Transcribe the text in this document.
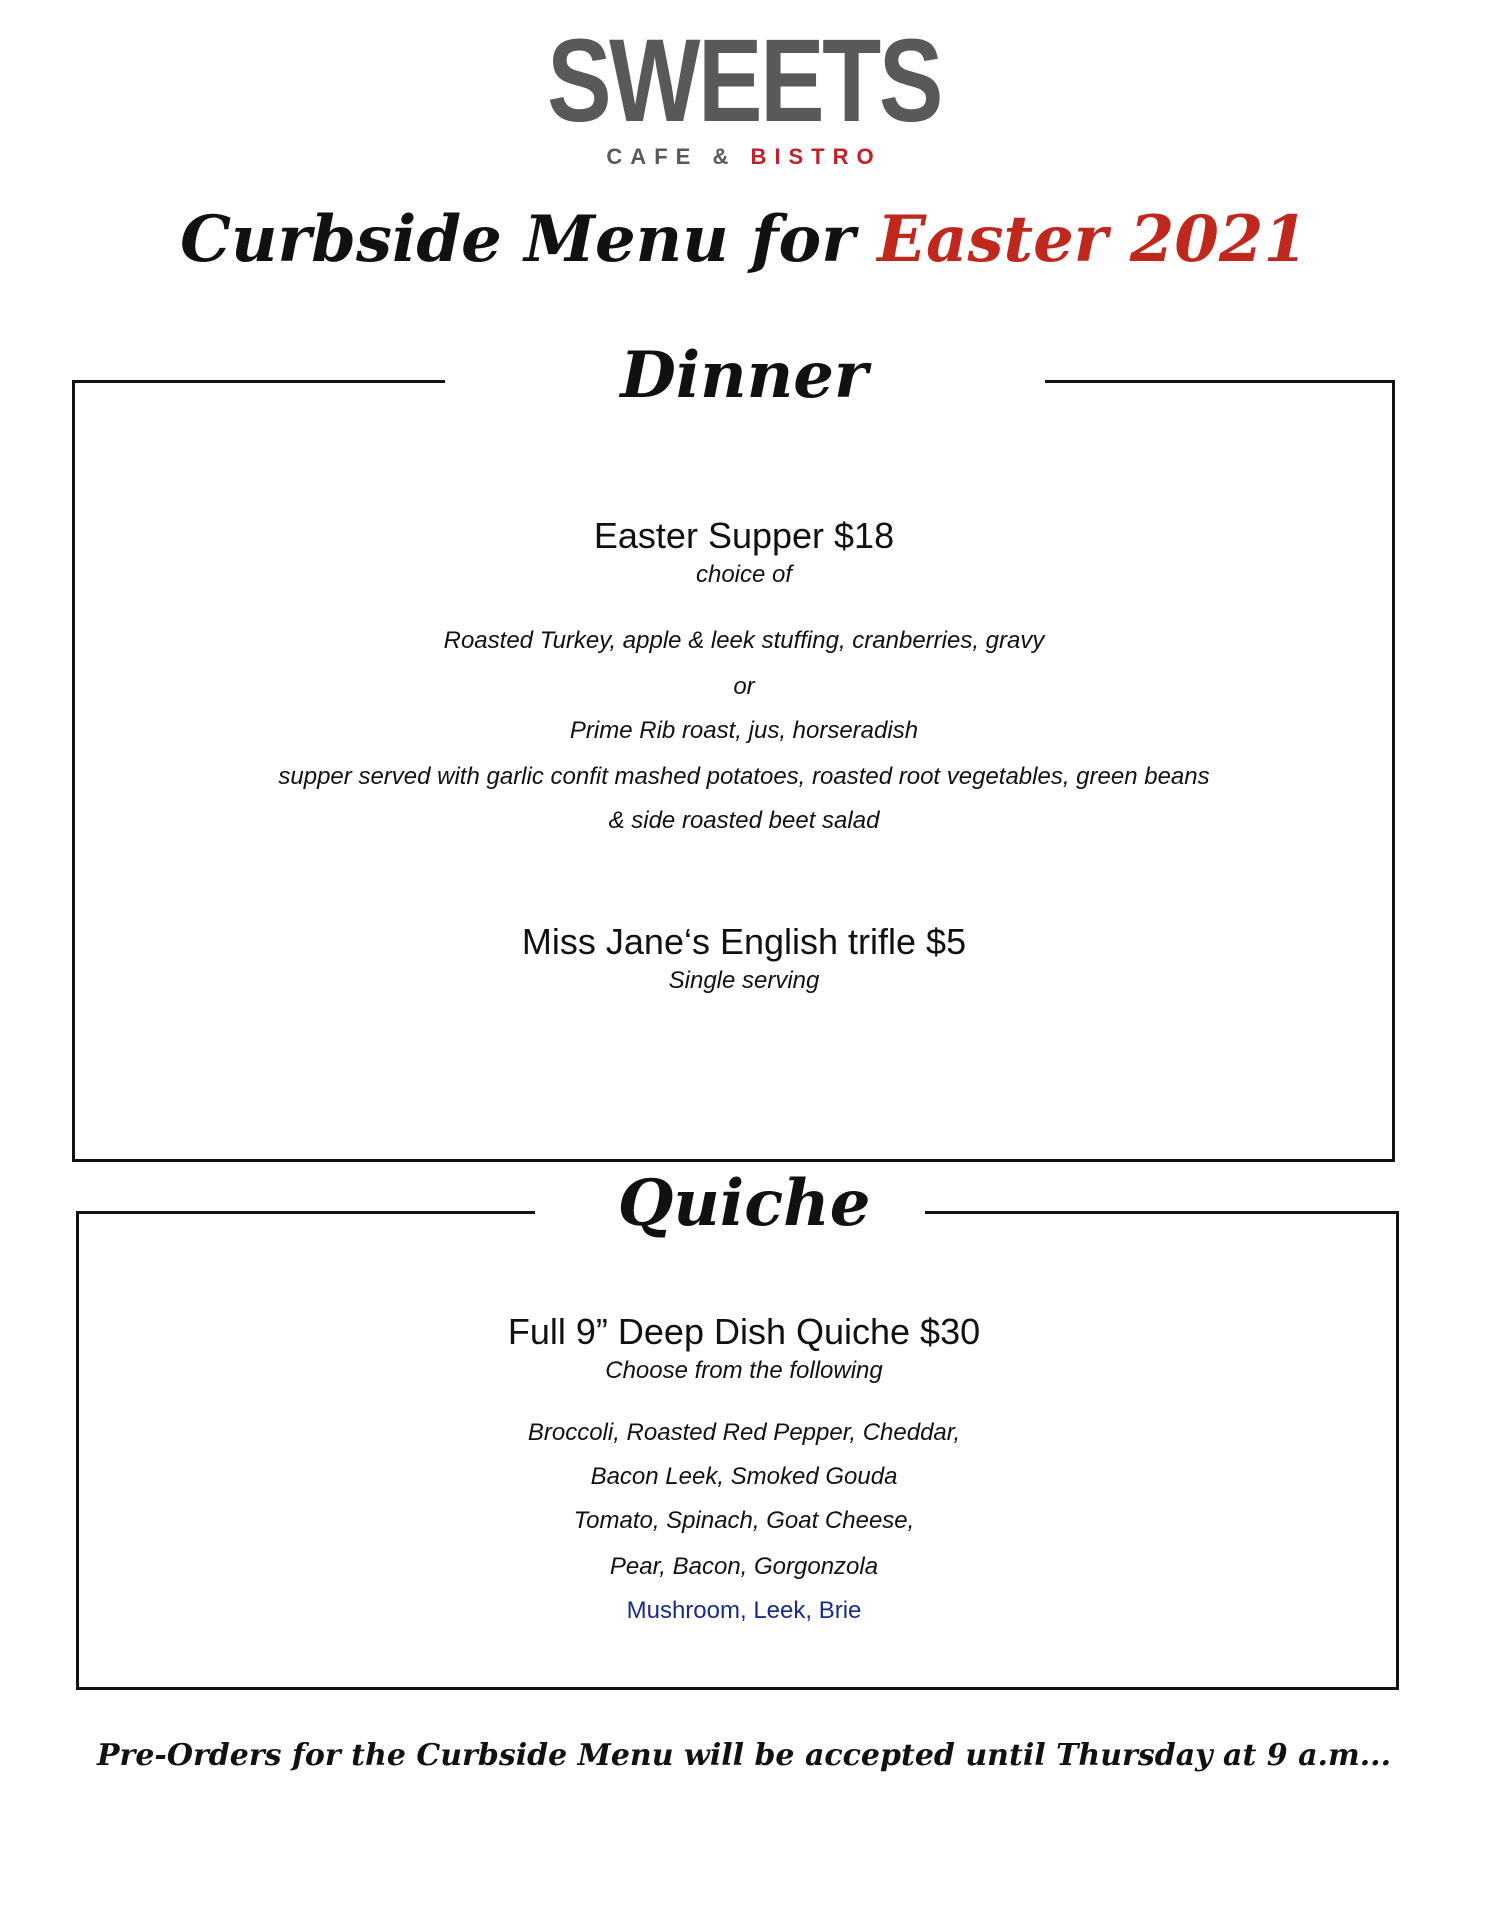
SWEETS
CAFE & BISTRO
Curbside Menu for Easter 2021
Dinner
Easter Supper $18
choice of
Roasted Turkey, apple & leek stuffing, cranberries, gravy
or
Prime Rib roast, jus, horseradish
supper served with garlic confit mashed potatoes, roasted root vegetables, green beans
& side roasted beet salad
Miss Jane‘s English trifle $5
Single serving
Quiche
Full 9” Deep Dish Quiche $30
Choose from the following
Broccoli, Roasted Red Pepper, Cheddar,
Bacon Leek, Smoked Gouda
Tomato, Spinach, Goat Cheese,
Pear, Bacon, Gorgonzola
Mushroom, Leek, Brie
Pre-Orders for the Curbside Menu will be accepted until Thursday at 9 a.m...
